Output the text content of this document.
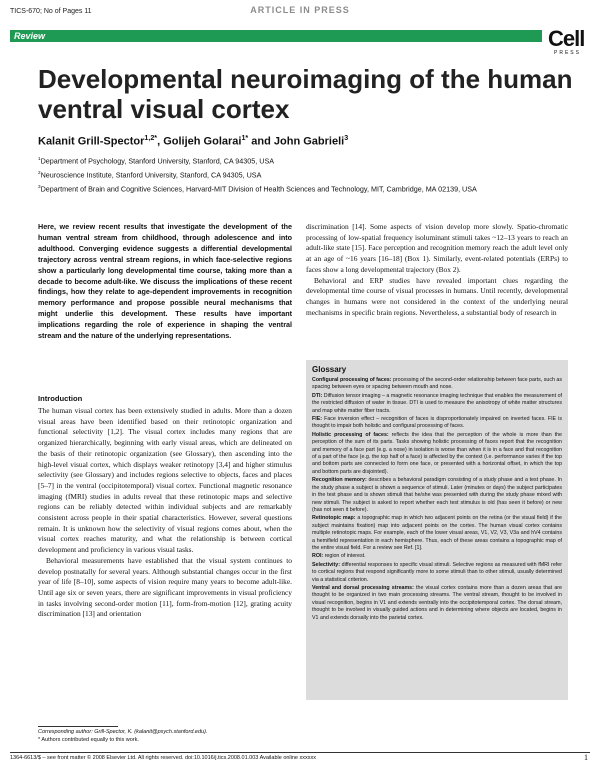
TICS-670; No of Pages 11	ARTICLE IN PRESS
Review	Cell
PRESS
Developmental neuroimaging of the human ventral visual cortex
Kalanit Grill-Spector$^{1,2*}$, Golijeh Golarai$^{1*}$ and John Gabrieli$^3$
$^1$Department of Psychology, Stanford University, Stanford, CA 94305, USA
$^2$Neuroscience Institute, Stanford University, Stanford, CA 94305, USA
$^3$Department of Brain and Cognitive Sciences, Harvard-MIT Division of Health Sciences and Technology, MIT, Cambridge, MA 02139, USA
Here, we review recent results that investigate the development of the human ventral stream from childhood, through adolescence and into adulthood. Converging evidence suggests a differential developmental trajectory across ventral stream regions, in which face-selective regions show a particularly long developmental time course, taking more than a decade to become adult-like. We discuss the implications of these recent findings, how they relate to age-dependent improvements in recognition memory performance and propose possible neural mechanisms that might underlie this development. These results have important implications regarding the role of experience in shaping the ventral stream and the nature of the underlying representations.
Introduction

The human visual cortex has been extensively studied in adults. More than a dozen visual areas have been identified based on their retinotopic organization and functional selectivity [1,2]. The visual cortex includes many regions that are organized hierarchically, beginning with early visual areas, which are delineated on the basis of their retinotopic organization (see Glossary), then ascending into the high-level visual cortex, which displays weaker retinotopy [3,4] and higher stimulus selectivity (see Glossary) and includes regions selective to objects, faces and places [5–7] in the ventral (occipitotemporal) visual cortex. Functional magnetic resonance imaging (fMRI) studies in adults reveal that these retinotopic maps and selective regions can be reliably detected within individual subjects and are remarkably consistent across people in their spatial characteristics. However, several questions remain. It is unknown how the selectivity of visual regions comes about, when the visual cortex reaches maturity, and what the relationship is between cortical development and proficiency in various visual tasks.

Behavioral measurements have established that the visual system continues to develop postnatally for several years. Although substantial changes occur in the first year of life [8–10], some aspects of vision require many years to become adult-like. Until age six or seven years, there are significant improvements in visual proficiency in tasks involving second-order motion [11], form-from-motion [12], grating acuity discrimination [13] and orientation

discrimination [14]. Some aspects of vision develop more slowly. Spatio-chromatic processing of low-spatial frequency isoluminant stimuli takes ~12–13 years to reach an adult-like state [15]. Face perception and recognition memory reach the adult level only at an age of ~16 years [16–18] (Box 1). Similarly, event-related potentials (ERPs) to faces show a long developmental trajectory (Box 2).

Behavioral and ERP studies have revealed important clues regarding the developmental time course of visual processes in humans. Until recently, developmental changes in humans were not considered in the context of the underlying neural mechanisms in specific brain regions. Nevertheless, a substantial body of research in

Glossary

Configural processing of faces: processing of the second-order relationship between face parts, such as spacing between eyes or spacing between mouth and nose.

DTI: Diffusion tensor imaging – a magnetic resonance imaging technique that enables the measurement of the restricted diffusion of water in tissue. DTI is used to measure the anisotropy of white matter structures and map white matter fiber tracts.

FIE: Face inversion effect – recognition of faces is disproportionately impaired on inverted faces. FIE is thought to impair both holistic and configural processing of faces.

Holistic processing of faces: reflects the idea that the perception of the whole is more than the perception of the sum of its parts. Tasks showing holistic processing of faces report that the recognition and memory of a face part (e.g. a nose) in isolation is worse than when it is in a face and that recognition of a part of the face (e.g. the top half of a face) is affected by the context (i.e. performance varies if the top and bottom parts are connected to form one face, or presented with a horizontal offset, in which the top and bottom parts are disjointed).

Recognition memory: describes a behavioral paradigm consisting of a study phase and a test phase. In the study phase a subject is shown a sequence of stimuli. Later (minutes or days) the subject participates in the test phase and is shown stimuli that he/she was presented with during the study phase mixed with new stimuli. The subject is asked to report whether each test stimulus is old (has seen it before) or new (has not seen it before).

Retinotopic map: a topographic map in which two adjacent points on the retina (or the visual field) if the subject maintains fixation) map into adjacent points on the cortex. The human visual cortex contains multiple retinotopic maps. For example, each of the lower visual areas, V1, V2, V3, V3a and hV4 contains a hemifield representation in each hemisphere. Thus, each of these areas contains a topographic map of the entire visual field. For a review see Ref. [1].

ROI: region of interest.

Selectivity: differential responses to specific visual stimuli. Selective regions as measured with fMRI refer to cortical regions that respond significantly more to some stimuli than to other stimuli, usually determined via a statistical criterion.

Ventral and dorsal processing streams: the visual cortex contains more than a dozen areas that are thought to be organized in two main processing streams. The ventral stream, thought to be involved in visual recognition, begins in V1 and extends ventrally into the occipitotemporal cortex. The dorsal stream, thought to be involved in visually guided actions and in determining where objects are located, begins in V1 and extends dorsally into the parietal cortex.

Corresponding author: Grill-Spector, K. (kalanit@psych.stanford.edu).
* Authors contributed equally to this work.
1364-6613/$ – see front matter © 2008 Elsevier Ltd. All rights reserved. doi:10.1016/j.tics.2008.01.003 Available online xxxxxx	1
